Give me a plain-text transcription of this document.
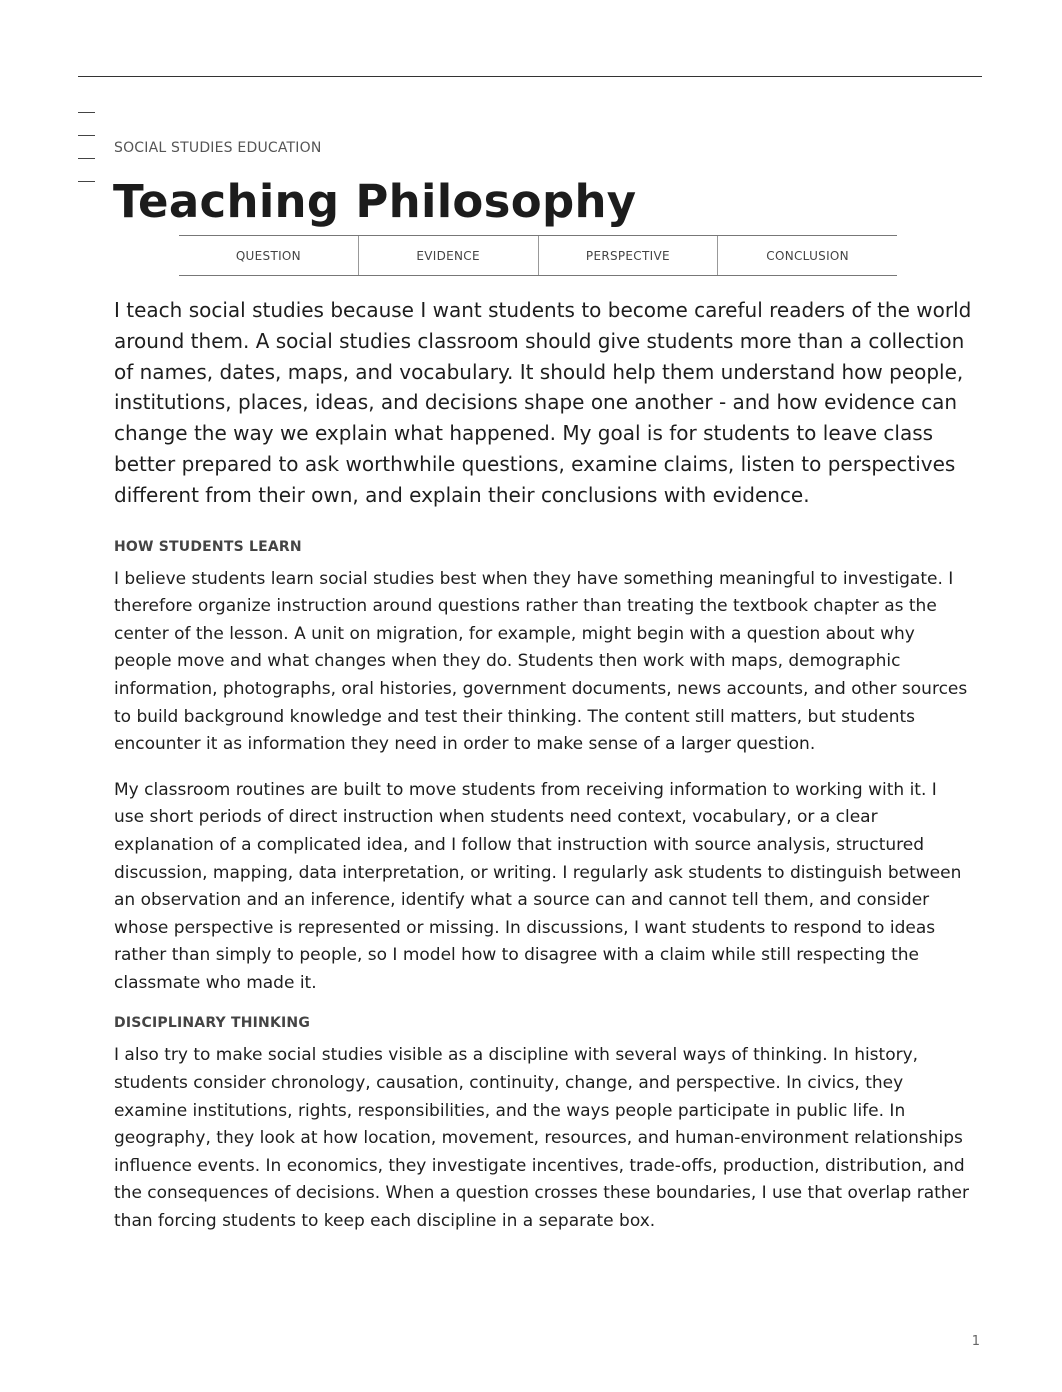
SOCIAL STUDIES EDUCATION
Teaching Philosophy
QUESTION	EVIDENCE	PERSPECTIVE	CONCLUSION

I teach social studies because I want students to become careful readers of the world around them. A social studies classroom should give students more than a collection of names, dates, maps, and vocabulary. It should help them understand how people, institutions, places, ideas, and decisions shape one another - and how evidence can change the way we explain what happened. My goal is for students to leave class better prepared to ask worthwhile questions, examine claims, listen to perspectives different from their own, and explain their conclusions with evidence.

HOW STUDENTS LEARN

I believe students learn social studies best when they have something meaningful to investigate. I therefore organize instruction around questions rather than treating the textbook chapter as the center of the lesson. A unit on migration, for example, might begin with a question about why people move and what changes when they do. Students then work with maps, demographic information, photographs, oral histories, government documents, news accounts, and other sources to build background knowledge and test their thinking. The content still matters, but students encounter it as information they need in order to make sense of a larger question.

My classroom routines are built to move students from receiving information to working with it. I use short periods of direct instruction when students need context, vocabulary, or a clear explanation of a complicated idea, and I follow that instruction with source analysis, structured discussion, mapping, data interpretation, or writing. I regularly ask students to distinguish between an observation and an inference, identify what a source can and cannot tell them, and consider whose perspective is represented or missing. In discussions, I want students to respond to ideas rather than simply to people, so I model how to disagree with a claim while still respecting the classmate who made it.

DISCIPLINARY THINKING

I also try to make social studies visible as a discipline with several ways of thinking. In history, students consider chronology, causation, continuity, change, and perspective. In civics, they examine institutions, rights, responsibilities, and the ways people participate in public life. In geography, they look at how location, movement, resources, and human-environment relationships influence events. In economics, they investigate incentives, trade-offs, production, distribution, and the consequences of decisions. When a question crosses these boundaries, I use that overlap rather than forcing students to keep each discipline in a separate box.

1
